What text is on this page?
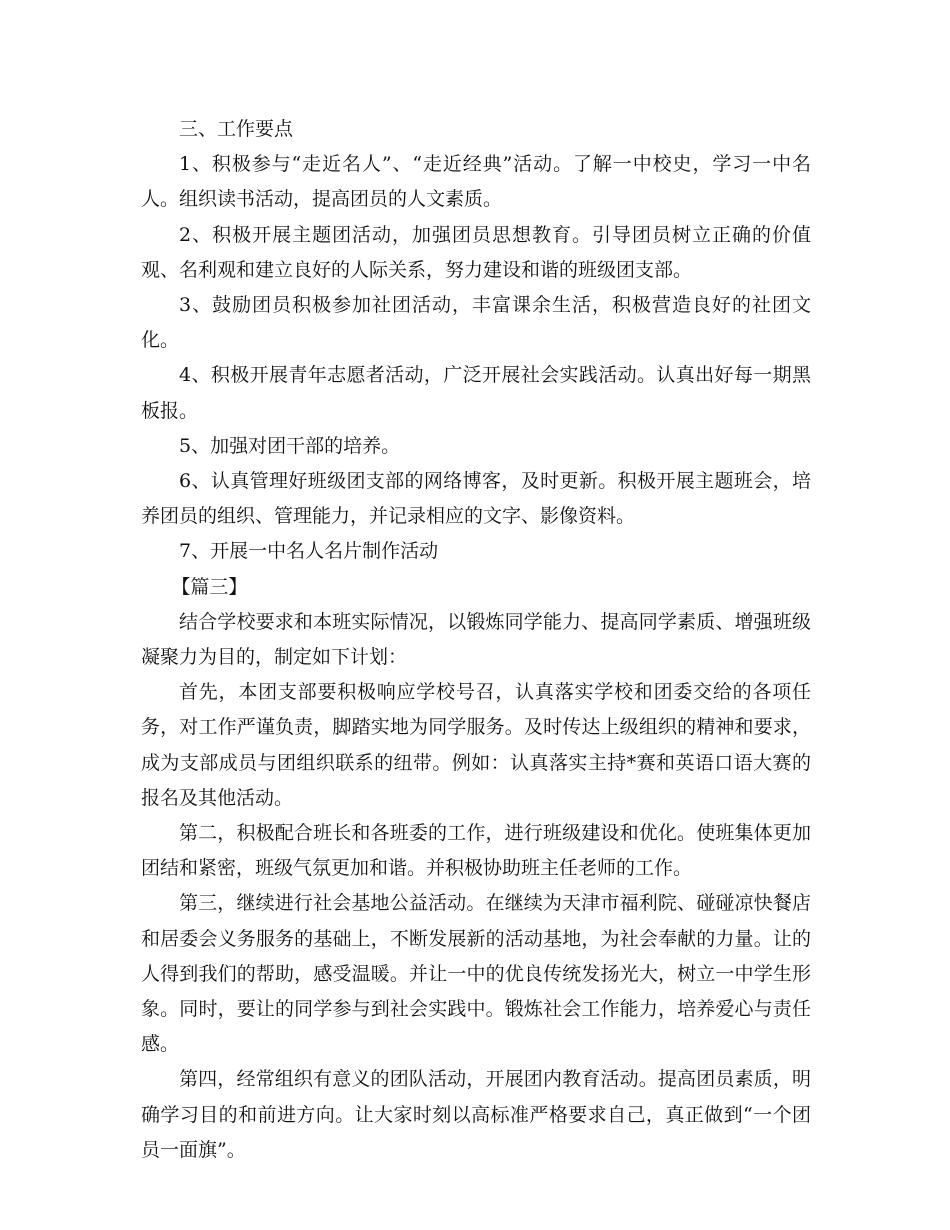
三、工作要点

1、积极参与“走近名人”、“走近经典”活动。了解一中校史，学习一中名人。组织读书活动，提高团员的人文素质。

2、积极开展主题团活动，加强团员思想教育。引导团员树立正确的价值观、名利观和建立良好的人际关系，努力建设和谐的班级团支部。

3、鼓励团员积极参加社团活动，丰富课余生活，积极营造良好的社团文化。

4、积极开展青年志愿者活动，广泛开展社会实践活动。认真出好每一期黑板报。

5、加强对团干部的培养。

6、认真管理好班级团支部的网络博客，及时更新。积极开展主题班会，培养团员的组织、管理能力，并记录相应的文字、影像资料。

7、开展一中名人名片制作活动

【篇三】

结合学校要求和本班实际情况，以锻炼同学能力、提高同学素质、增强班级凝聚力为目的，制定如下计划：

首先，本团支部要积极响应学校号召，认真落实学校和团委交给的各项任务，对工作严谨负责，脚踏实地为同学服务。及时传达上级组织的精神和要求，成为支部成员与团组织联系的纽带。例如：认真落实主持*赛和英语口语大赛的报名及其他活动。

第二，积极配合班长和各班委的工作，进行班级建设和优化。使班集体更加团结和紧密，班级气氛更加和谐。并积极协助班主任老师的工作。

第三，继续进行社会基地公益活动。在继续为天津市福利院、碰碰凉快餐店和居委会义务服务的基础上，不断发展新的活动基地，为社会奉献的力量。让的人得到我们的帮助，感受温暖。并让一中的优良传统发扬光大，树立一中学生形象。同时，要让的同学参与到社会实践中。锻炼社会工作能力，培养爱心与责任感。

第四，经常组织有意义的团队活动，开展团内教育活动。提高团员素质，明确学习目的和前进方向。让大家时刻以高标准严格要求自己，真正做到“一个团员一面旗”。
